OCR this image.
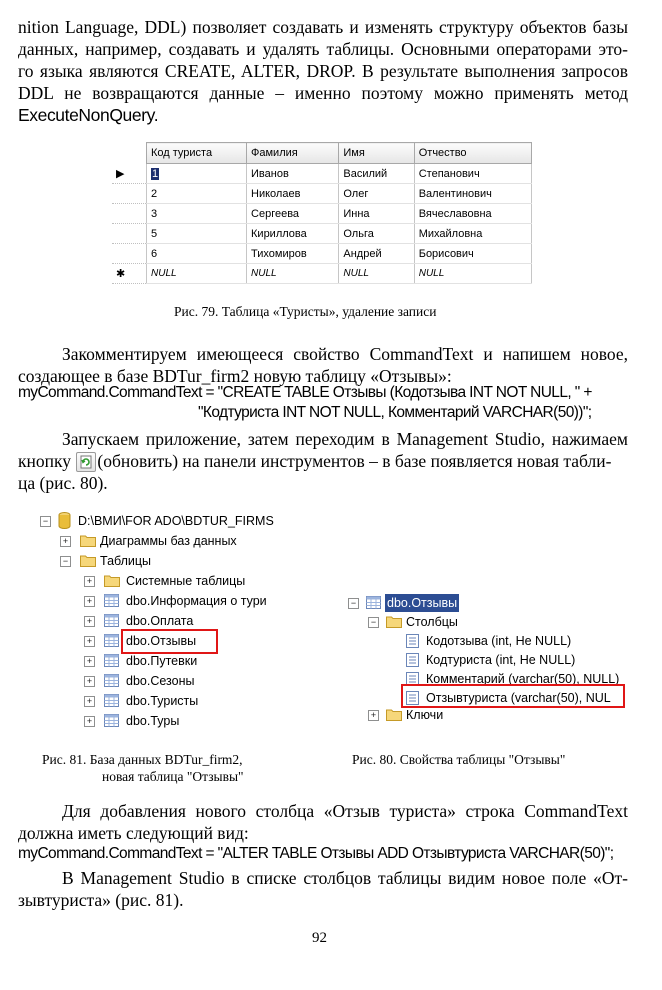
nition Language, DDL) позволяет создавать и изменять структуру объектов базы
данных, например, создавать и удалять таблицы. Основными операторами это-
го языка являются CREATE, ALTER, DROP. В результате выполнения запросов
DDL не возвращаются данные – именно поэтому можно применять метод
ExecuteNonQuery.
	Код туриста	Фамилия	Имя	Отчество
▶	1	Иванов	Василий	Степанович
	2	Николаев	Олег	Валентинович
	3	Сергеева	Инна	Вячеславовна
	5	Кириллова	Ольга	Михайловна
	6	Тихомиров	Андрей	Борисович
✱	NULL	NULL	NULL	NULL
Рис. 79. Таблица «Туристы», удаление записи
Закомментируем имеющееся свойство CommandText и напишем новое,
создающее в базе BDTur_firm2 новую таблицу «Отзывы»:
myCommand.CommandText = "CREATE TABLE Отзывы (Кодотзыва INT NOT NULL, " +
"Кодтуриста INT NOT NULL, Комментарий VARCHAR(50))";
Запускаем приложение, затем переходим в Management Studio, нажимаем
кнопку (обновить) на панели инструментов – в базе появляется новая табли-
ца (рис. 80).
− D:\BMИ\FOR ADO\BDTUR_FIRMS
+	Диаграммы баз данных
−	Таблицы
+	Системные таблицы
+	dbo.Информация о тури
+	dbo.Оплата
+	dbo.Отзывы
+	dbo.Путевки
+	dbo.Сезоны
+	dbo.Туристы
+	dbo.Туры
− dbo.Отзывы
− Столбцы
Кодотзыва (int, Не NULL)
Кодтуриста (int, Не NULL)
Комментарий (varchar(50), NULL)
Отзывтуриста (varchar(50), NUL
+ Ключи
Рис. 81. База данных BDTur_firm2,
новая таблица "Отзывы"
Рис. 80. Свойства таблицы "Отзывы"
Для добавления нового столбца «Отзыв туриста» строка CommandText
должна иметь следующий вид:
myCommand.CommandText = "ALTER TABLE Отзывы ADD Отзывтуриста VARCHAR(50)";
В Management Studio в списке столбцов таблицы видим новое поле «От-
зывтуриста» (рис. 81).
92
